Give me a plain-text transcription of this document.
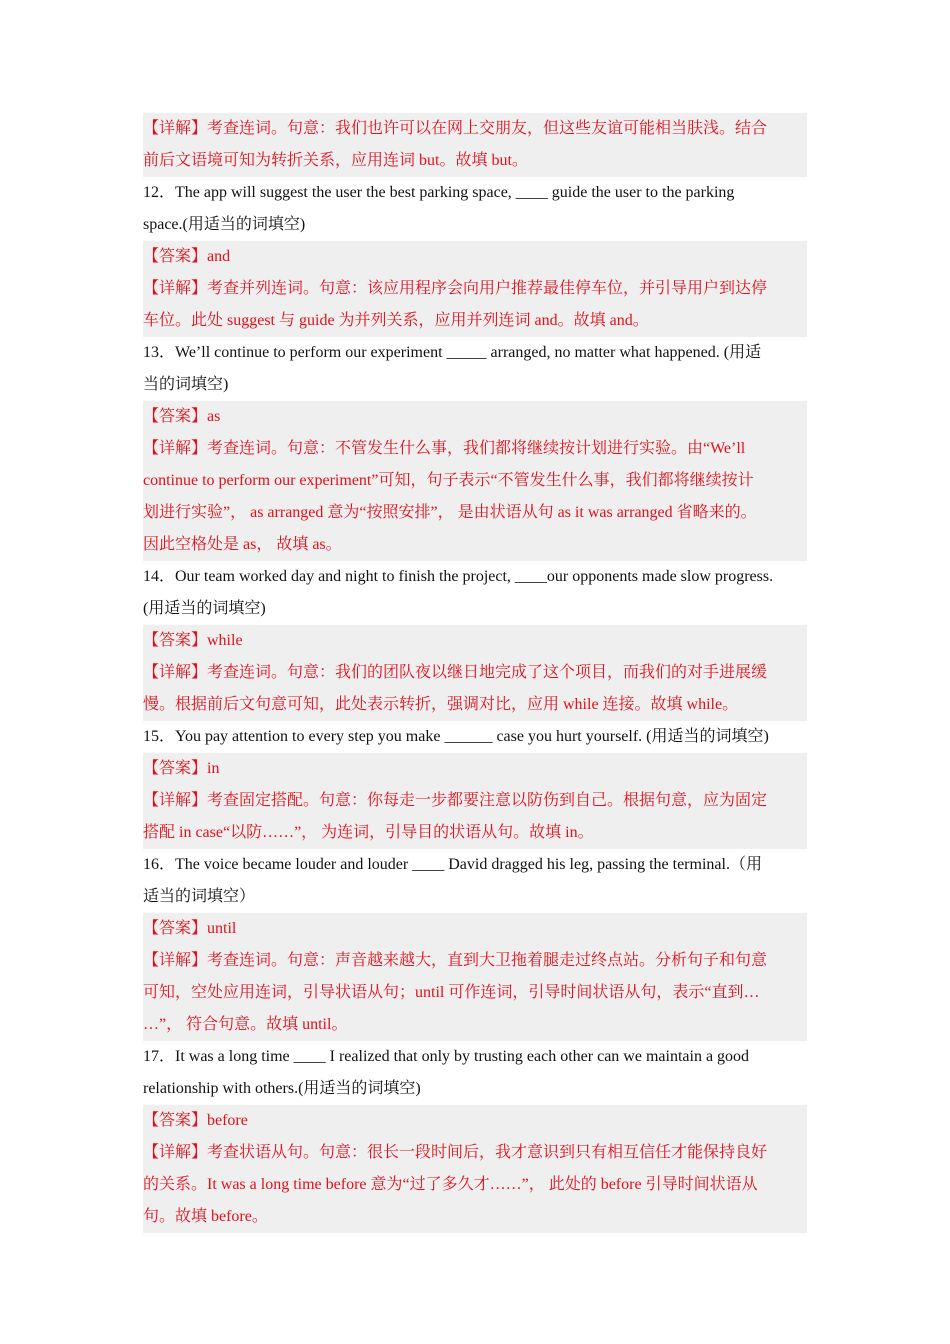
【详解】考查连词。句意：我们也许可以在网上交朋友，但这些友谊可能相当肤浅。结合
前后文语境可知为转折关系，应用连词 but。故填 but。
12．The app will suggest the user the best parking space, ____ guide the user to the parking
space.(用适当的词填空)
【答案】and
【详解】考查并列连词。句意：该应用程序会向用户推荐最佳停车位，并引导用户到达停
车位。此处 suggest 与 guide 为并列关系，应用并列连词 and。故填 and。
13．We’ll continue to perform our experiment _____ arranged, no matter what happened. (用适
当的词填空)
【答案】as
【详解】考查连词。句意：不管发生什么事，我们都将继续按计划进行实验。由“We’ll
continue to perform our experiment”可知，句子表示“不管发生什么事，我们都将继续按计
划进行实验”， as arranged 意为“按照安排”， 是由状语从句 as it was arranged 省略来的。
因此空格处是 as， 故填 as。
14．Our team worked day and night to finish the project, ____our opponents made slow progress.
(用适当的词填空)
【答案】while
【详解】考查连词。句意：我们的团队夜以继日地完成了这个项目，而我们的对手进展缓
慢。根据前后文句意可知，此处表示转折，强调对比，应用 while 连接。故填 while。
15．You pay attention to every step you make ______ case you hurt yourself. (用适当的词填空)
【答案】in
【详解】考查固定搭配。句意：你每走一步都要注意以防伤到自己。根据句意，应为固定
搭配 in case“以防……”， 为连词，引导目的状语从句。故填 in。
16．The voice became louder and louder ____ David dragged his leg, passing the terminal.（用
适当的词填空）
【答案】until
【详解】考查连词。句意：声音越来越大，直到大卫拖着腿走过终点站。分析句子和句意
可知，空处应用连词，引导状语从句；until 可作连词，引导时间状语从句，表示“直到…
…”， 符合句意。故填 until。
17．It was a long time ____ I realized that only by trusting each other can we maintain a good
relationship with others.(用适当的词填空)
【答案】before
【详解】考查状语从句。句意：很长一段时间后，我才意识到只有相互信任才能保持良好
的关系。It was a long time before 意为“过了多久才……”， 此处的 before 引导时间状语从
句。故填 before。
